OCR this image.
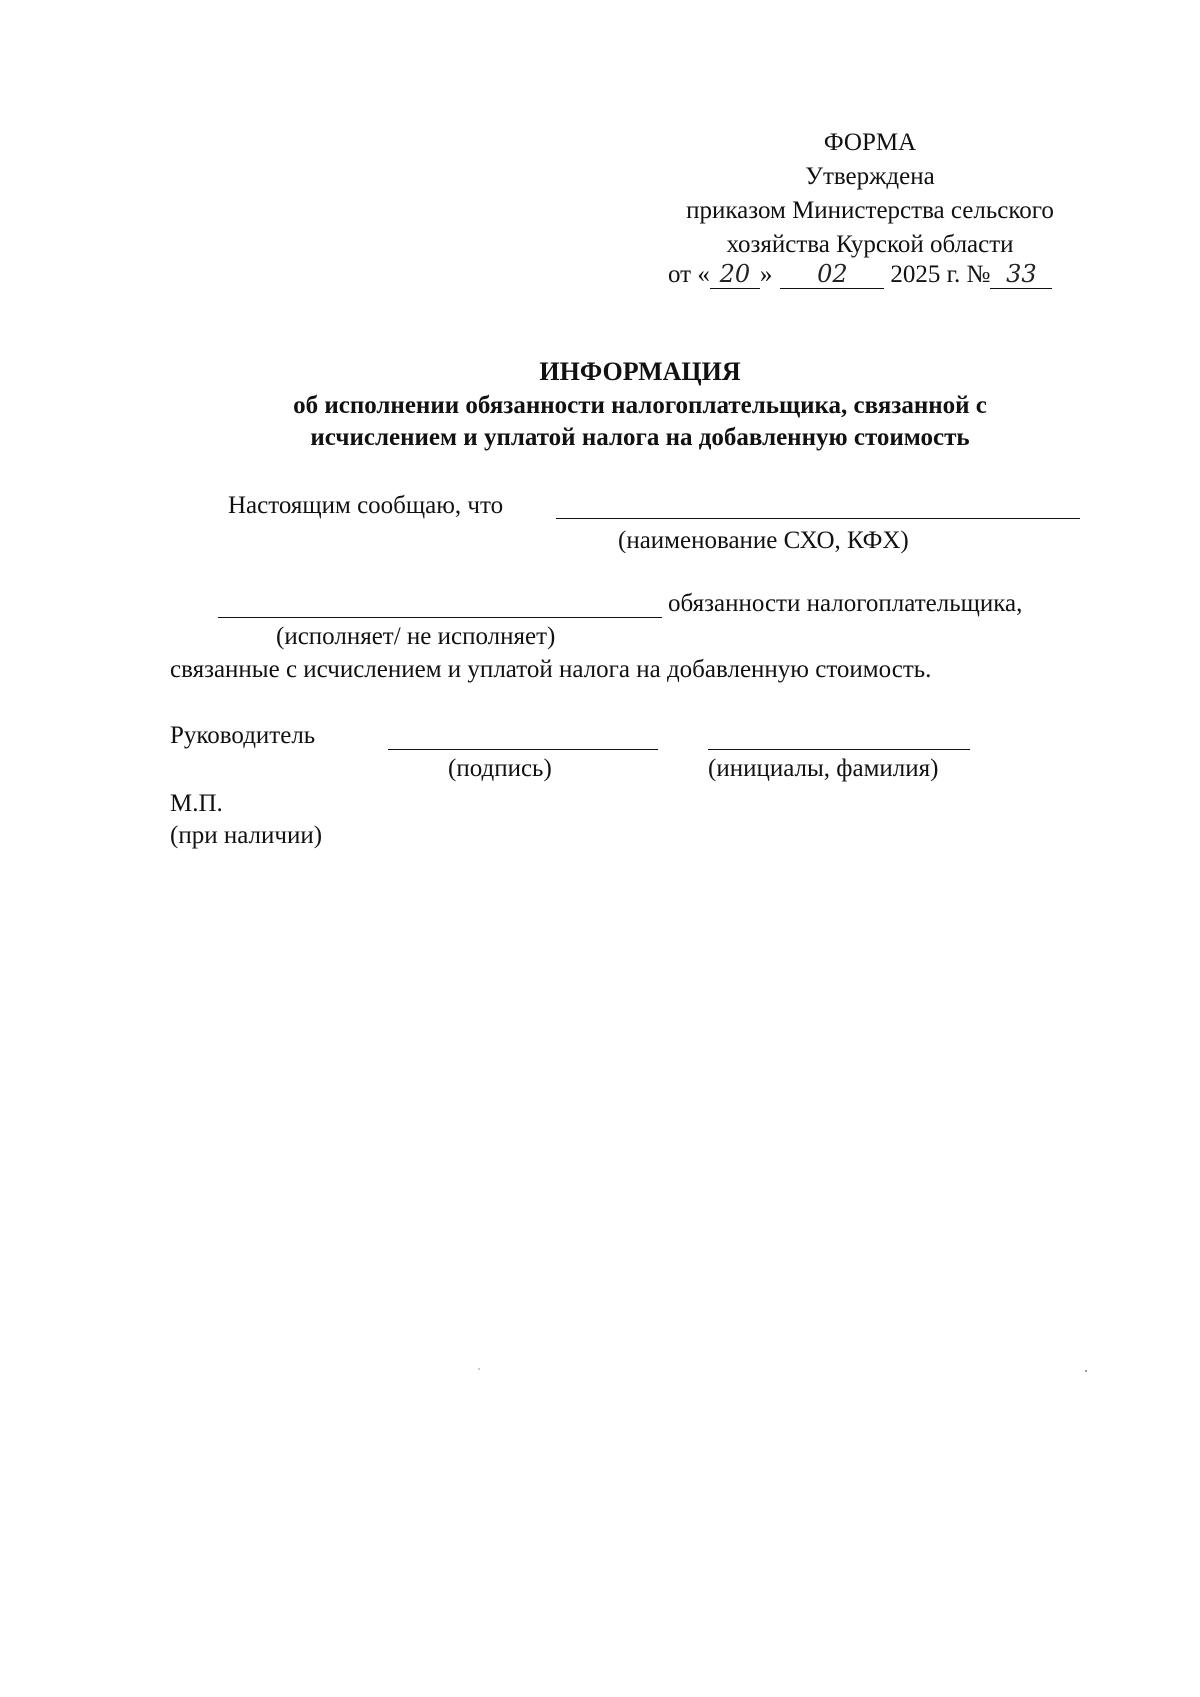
ФОРМА
Утверждена
приказом Министерства сельского
хозяйства Курской области
от « 20 » 02 2025 г. № 33
ИНФОРМАЦИЯ
об исполнении обязанности налогоплательщика, связанной с
исчислением и уплатой налога на добавленную стоимость
Настоящим сообщаю, что
(наименование СХО, КФХ)
обязанности налогоплательщика,
(исполняет/ не исполняет)
связанные с исчислением и уплатой налога на добавленную стоимость.
Руководитель
(подпись)	(инициалы, фамилия)
М.П.
(при наличии)
